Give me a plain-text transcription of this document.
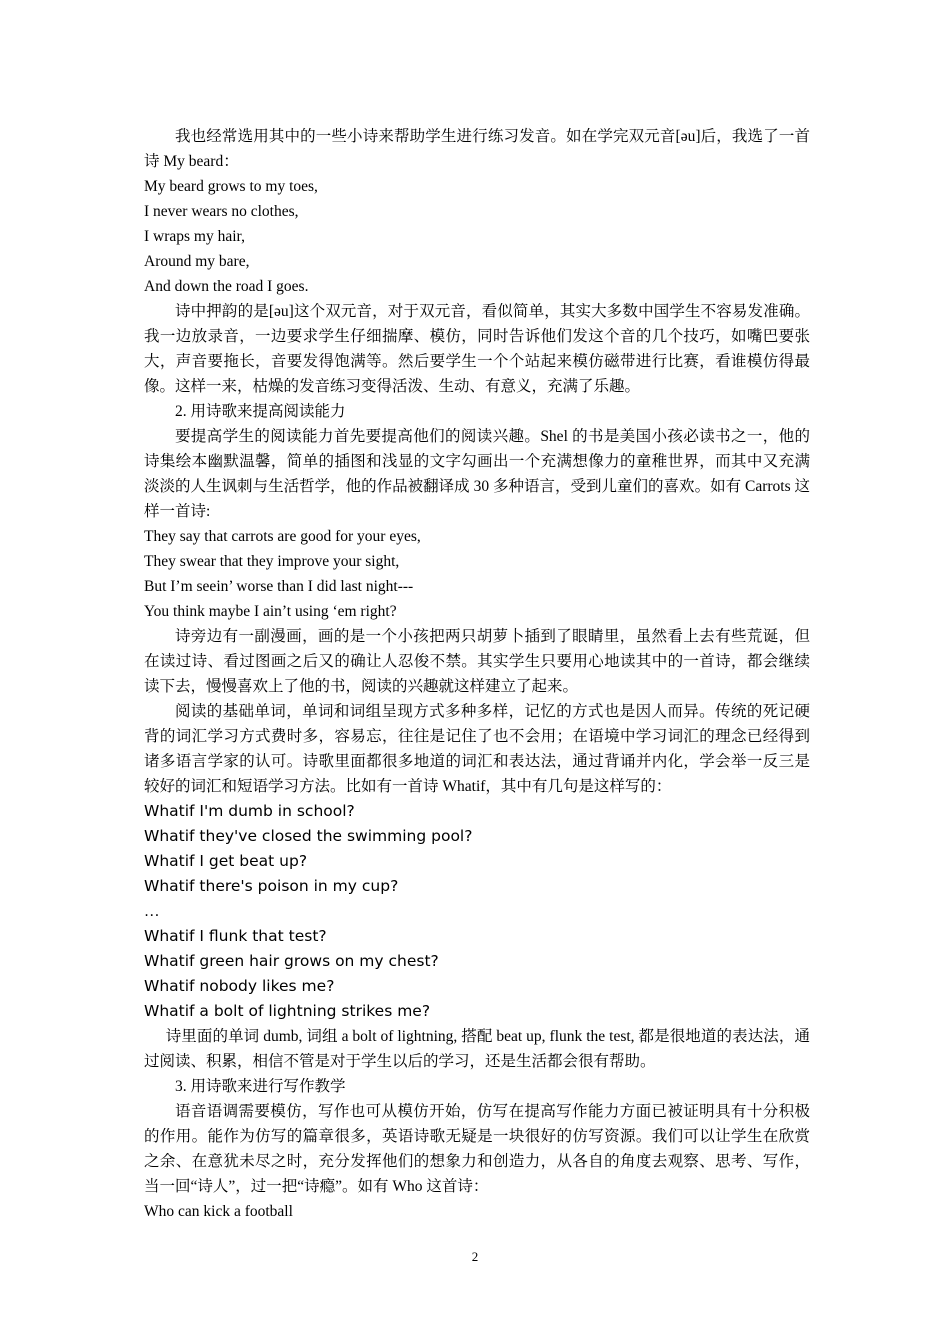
我也经常选用其中的一些小诗来帮助学生进行练习发音。如在学完双元音[əu]后，我选了一首诗 My beard：

My beard grows to my toes,
I never wears no clothes,
I wraps my hair,
Around my bare,
And down the road I goes.

诗中押韵的是[əu]这个双元音，对于双元音，看似简单，其实大多数中国学生不容易发准确。我一边放录音，一边要求学生仔细揣摩、模仿，同时告诉他们发这个音的几个技巧，如嘴巴要张大，声音要拖长，音要发得饱满等。然后要学生一个个站起来模仿磁带进行比赛，看谁模仿得最像。这样一来，枯燥的发音练习变得活泼、生动、有意义，充满了乐趣。

2. 用诗歌来提高阅读能力

要提高学生的阅读能力首先要提高他们的阅读兴趣。Shel 的书是美国小孩必读书之一，他的诗集绘本幽默温馨，简单的插图和浅显的文字勾画出一个充满想像力的童稚世界，而其中又充满淡淡的人生讽刺与生活哲学，他的作品被翻译成 30 多种语言，受到儿童们的喜欢。如有 Carrots 这样一首诗:

They say that carrots are good for your eyes,
They swear that they improve your sight,
But I’m seein’ worse than I did last night---
You think maybe I ain’t using ‘em right?

诗旁边有一副漫画，画的是一个小孩把两只胡萝卜插到了眼睛里，虽然看上去有些荒诞，但在读过诗、看过图画之后又的确让人忍俊不禁。其实学生只要用心地读其中的一首诗，都会继续读下去，慢慢喜欢上了他的书，阅读的兴趣就这样建立了起来。

阅读的基础单词，单词和词组呈现方式多种多样，记忆的方式也是因人而异。传统的死记硬背的词汇学习方式费时多，容易忘，往往是记住了也不会用；在语境中学习词汇的理念已经得到诸多语言学家的认可。诗歌里面都很多地道的词汇和表达法，通过背诵并内化，学会举一反三是较好的词汇和短语学习方法。比如有一首诗 Whatif，其中有几句是这样写的：

Whatif I'm dumb in school?
Whatif they've closed the swimming pool?
Whatif I get beat up?
Whatif there's poison in my cup?
…
Whatif I flunk that test?
Whatif green hair grows on my chest?
Whatif nobody likes me?
Whatif a bolt of lightning strikes me?

诗里面的单词 dumb, 词组 a bolt of lightning, 搭配 beat up, flunk the test, 都是很地道的表达法，通过阅读、积累，相信不管是对于学生以后的学习，还是生活都会很有帮助。

3. 用诗歌来进行写作教学

语音语调需要模仿，写作也可从模仿开始，仿写在提高写作能力方面已被证明具有十分积极的作用。能作为仿写的篇章很多，英语诗歌无疑是一块很好的仿写资源。我们可以让学生在欣赏之余、在意犹未尽之时，充分发挥他们的想象力和创造力，从各自的角度去观察、思考、写作，当一回“诗人”，过一把“诗瘾”。如有 Who 这首诗：

Who can kick a football
2
